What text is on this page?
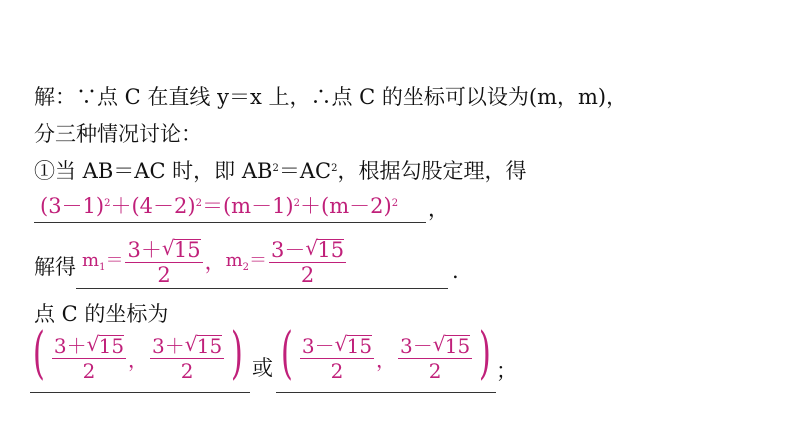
解：∵点 C 在直线 y＝x 上，∴点 C 的坐标可以设为(m，m)，
分三种情况讨论：
①当 AB＝AC 时，即 $AB^2=AC^2$，根据勾股定理，得
$(3-1)^2+(4-2)^2=(m-1)^2+(m-2)^2$ ，
解得 $m_1= \frac{3+ √ 15}{2}$ ， $m_2= \frac{3- √ 15}{2}$	.
点 C 的坐标为
( $\frac{3+ √ 15}{2}$ ， $\frac{3+ √ 15}{2}$ ) 或 ( $\frac{3- √ 15}{2}$ ， $\frac{3- √ 15}{2}$ ) ；
